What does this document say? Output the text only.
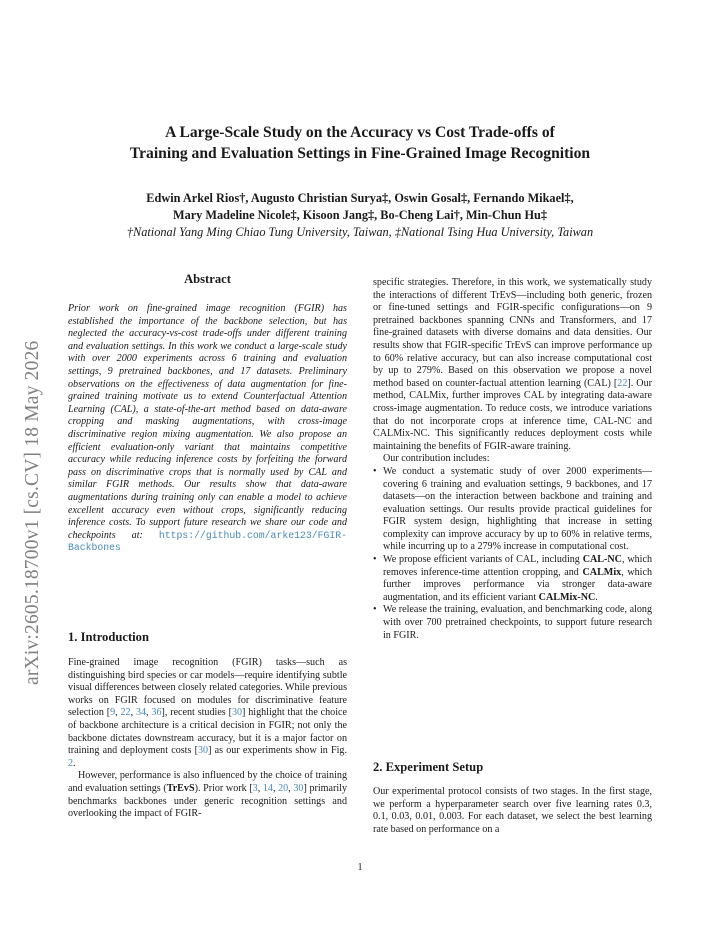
arXiv:2605.18700v1 [cs.CV] 18 May 2026
A Large-Scale Study on the Accuracy vs Cost Trade-offs of
Training and Evaluation Settings in Fine-Grained Image Recognition
Edwin Arkel Rios†, Augusto Christian Surya‡, Oswin Gosal‡, Fernando Mikael‡,
Mary Madeline Nicole‡, Kisoon Jang‡, Bo-Cheng Lai†, Min-Chun Hu‡
†National Yang Ming Chiao Tung University, Taiwan, ‡National Tsing Hua University, Taiwan
Abstract
Prior work on fine-grained image recognition (FGIR) has established the importance of the backbone selection, but has neglected the accuracy-vs-cost trade-offs under different training and evaluation settings. In this work we conduct a large-scale study with over 2000 experiments across 6 training and evaluation settings, 9 pretrained backbones, and 17 datasets. Preliminary observations on the effectiveness of data augmentation for fine-grained training motivate us to extend Counterfactual Attention Learning (CAL), a state-of-the-art method based on data-aware cropping and masking augmentations, with cross-image discriminative region mixing augmentation. We also propose an efficient evaluation-only variant that maintains competitive accuracy while reducing inference costs by forfeiting the forward pass on discriminative crops that is normally used by CAL and similar FGIR methods. Our results show that data-aware augmentations during training only can enable a model to achieve excellent accuracy even without crops, significantly reducing inference costs. To support future research we share our code and checkpoints at: https://github.com/arke123/FGIR-Backbones
1. Introduction

Fine-grained image recognition (FGIR) tasks—such as distinguishing bird species or car models—require identifying subtle visual differences between closely related categories. While previous works on FGIR focused on modules for discriminative feature selection [9, 22, 34, 36], recent studies [30] highlight that the choice of backbone architecture is a critical decision in FGIR; not only the backbone dictates downstream accuracy, but it is a major factor on training and deployment costs [30] as our experiments show in Fig. 2.

However, performance is also influenced by the choice of training and evaluation settings (TrEvS). Prior work [3, 14, 20, 30] primarily benchmarks backbones under generic recognition settings and overlooking the impact of FGIR-

specific strategies. Therefore, in this work, we systematically study the interactions of different TrEvS—including both generic, frozen or fine-tuned settings and FGIR-specific configurations—on 9 pretrained backbones spanning CNNs and Transformers, and 17 fine-grained datasets with diverse domains and data densities. Our results show that FGIR-specific TrEvS can improve performance up to 60% relative accuracy, but can also increase computational cost by up to 279%. Based on this observation we propose a novel method based on counter-factual attention learning (CAL) [22]. Our method, CALMix, further improves CAL by integrating data-aware cross-image augmentation. To reduce costs, we introduce variations that do not incorporate crops at inference time, CAL-NC and CALMix-NC. This significantly reduces deployment costs while maintaining the benefits of FGIR-aware training.

Our contribution includes:

• We conduct a systematic study of over 2000 experiments—covering 6 training and evaluation settings, 9 backbones, and 17 datasets—on the interaction between backbone and training and evaluation settings. Our results provide practical guidelines for FGIR system design, highlighting that increase in setting complexity can improve accuracy by up to 60% in relative terms, while incurring up to a 279% increase in computational cost.
• We propose efficient variants of CAL, including CAL-NC, which removes inference-time attention cropping, and CALMix, which further improves performance via stronger data-aware augmentation, and its efficient variant CALMix-NC.
• We release the training, evaluation, and benchmarking code, along with over 700 pretrained checkpoints, to support future research in FGIR.
2. Experiment Setup
Our experimental protocol consists of two stages. In the first stage, we perform a hyperparameter search over five learning rates 0.3, 0.1, 0.03, 0.01, 0.003. For each dataset, we select the best learning rate based on performance on a
1
